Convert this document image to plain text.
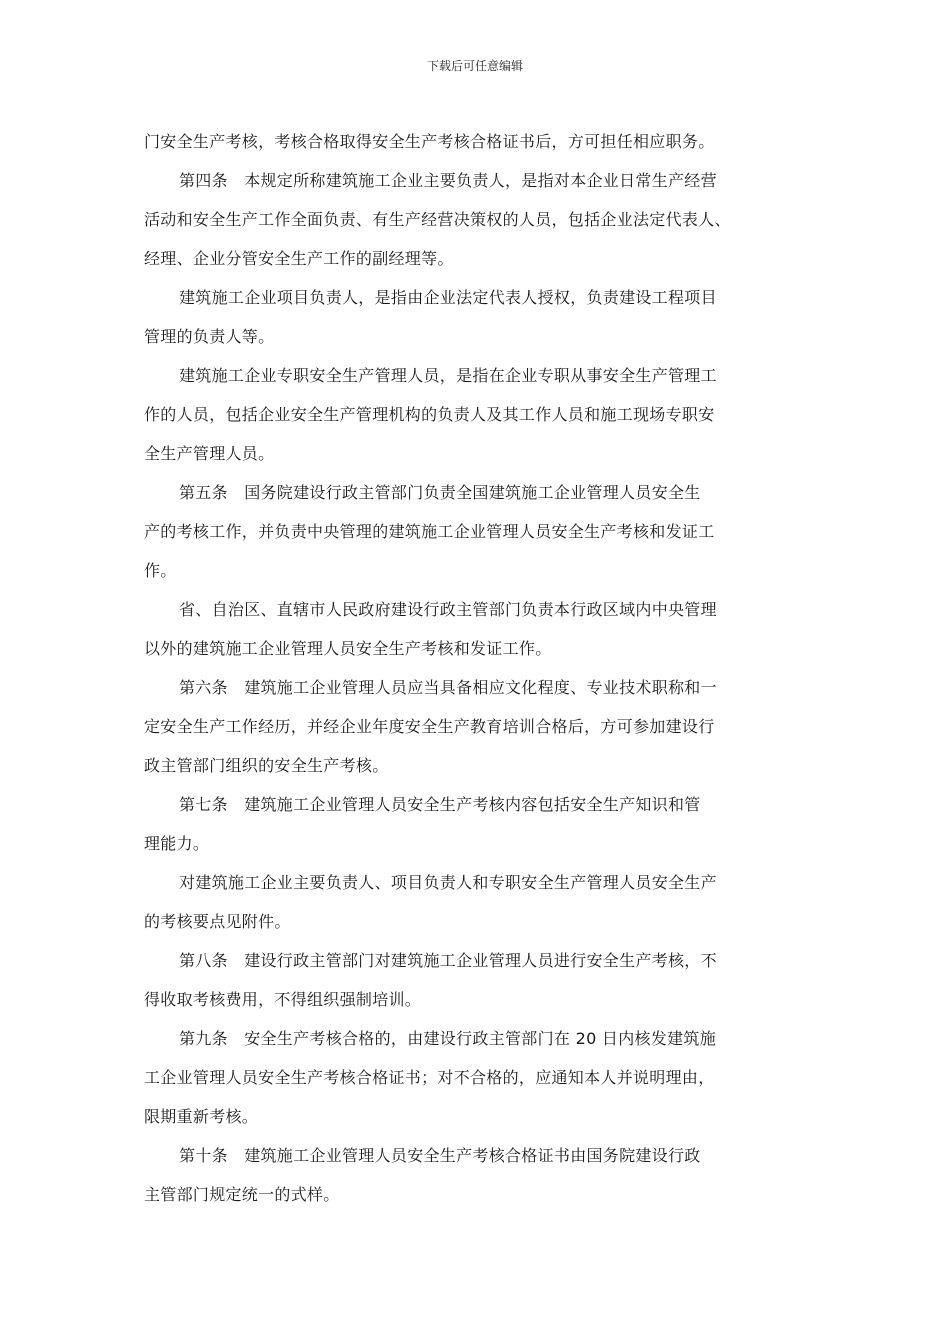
下载后可任意编辑
门安全生产考核，考核合格取得安全生产考核合格证书后，方可担任相应职务。
第四条　本规定所称建筑施工企业主要负责人，是指对本企业日常生产经营
活动和安全生产工作全面负责、有生产经营决策权的人员，包括企业法定代表人、
经理、企业分管安全生产工作的副经理等。
建筑施工企业项目负责人，是指由企业法定代表人授权，负责建设工程项目
管理的负责人等。
建筑施工企业专职安全生产管理人员，是指在企业专职从事安全生产管理工
作的人员，包括企业安全生产管理机构的负责人及其工作人员和施工现场专职安
全生产管理人员。
第五条　国务院建设行政主管部门负责全国建筑施工企业管理人员安全生
产的考核工作，并负责中央管理的建筑施工企业管理人员安全生产考核和发证工
作。
省、自治区、直辖市人民政府建设行政主管部门负责本行政区域内中央管理
以外的建筑施工企业管理人员安全生产考核和发证工作。
第六条　建筑施工企业管理人员应当具备相应文化程度、专业技术职称和一
定安全生产工作经历，并经企业年度安全生产教育培训合格后，方可参加建设行
政主管部门组织的安全生产考核。
第七条　建筑施工企业管理人员安全生产考核内容包括安全生产知识和管
理能力。
对建筑施工企业主要负责人、项目负责人和专职安全生产管理人员安全生产
的考核要点见附件。
第八条　建设行政主管部门对建筑施工企业管理人员进行安全生产考核，不
得收取考核费用，不得组织强制培训。
第九条　安全生产考核合格的，由建设行政主管部门在 20 日内核发建筑施
工企业管理人员安全生产考核合格证书；对不合格的，应通知本人并说明理由，
限期重新考核。
第十条　建筑施工企业管理人员安全生产考核合格证书由国务院建设行政
主管部门规定统一的式样。
